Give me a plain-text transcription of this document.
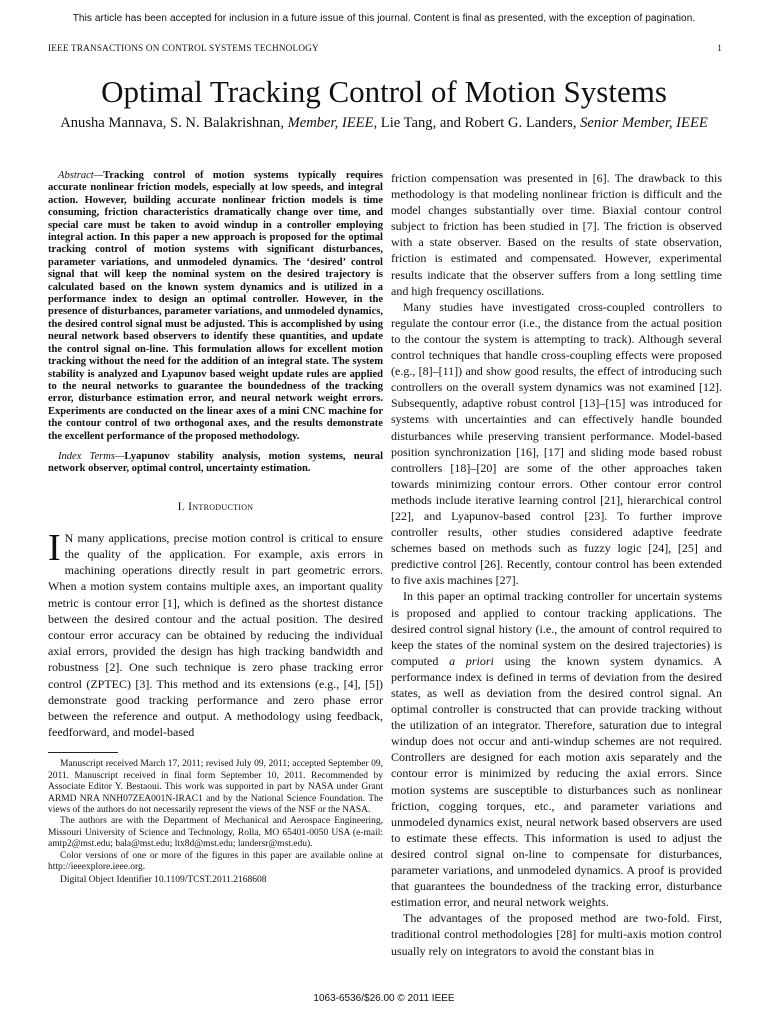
This article has been accepted for inclusion in a future issue of this journal. Content is final as presented, with the exception of pagination.
IEEE TRANSACTIONS ON CONTROL SYSTEMS TECHNOLOGY	1
Optimal Tracking Control of Motion Systems
Anusha Mannava, S. N. Balakrishnan, Member, IEEE, Lie Tang, and Robert G. Landers, Senior Member, IEEE

Abstract—Tracking control of motion systems typically requires accurate nonlinear friction models, especially at low speeds, and integral action. However, building accurate nonlinear friction models is time consuming, friction characteristics dramatically change over time, and special care must be taken to avoid windup in a controller employing integral action. In this paper a new approach is proposed for the optimal tracking control of motion systems with significant disturbances, parameter variations, and unmodeled dynamics. The ‘desired’ control signal that will keep the nominal system on the desired trajectory is calculated based on the known system dynamics and is utilized in a performance index to design an optimal controller. However, in the presence of disturbances, parameter variations, and unmodeled dynamics, the desired control signal must be adjusted. This is accomplished by using neural network based observers to identify these quantities, and update the control signal on-line. This formulation allows for excellent motion tracking without the need for the addition of an integral state. The system stability is analyzed and Lyapunov based weight update rules are applied to the neural networks to guarantee the boundedness of the tracking error, disturbance estimation error, and neural network weight errors. Experiments are conducted on the linear axes of a mini CNC machine for the contour control of two orthogonal axes, and the results demonstrate the excellent performance of the proposed methodology.

Index Terms—Lyapunov stability analysis, motion systems, neural network observer, optimal control, uncertainty estimation.

I. Introduction

I N many applications, precise motion control is critical to ensure the quality of the application. For example, axis errors in machining operations directly result in part geometric errors. When a motion system contains multiple axes, an important quality metric is contour error [1], which is defined as the shortest distance between the desired contour and the actual position. The desired contour error accuracy can be obtained by reducing the individual axial errors, provided the design has high tracking bandwidth and robustness [2]. One such technique is zero phase tracking error control (ZPTEC) [3]. This method and its extensions (e.g., [4], [5]) demonstrate good tracking performance and zero phase error between the reference and output. A methodology using feedback, feedforward, and model-based

Manuscript received March 17, 2011; revised July 09, 2011; accepted September 09, 2011. Manuscript received in final form September 10, 2011. Recommended by Associate Editor Y. Bestaoui. This work was supported in part by NASA under Grant ARMD NRA NNH07ZEA001N-IRAC1 and by the National Science Foundation. The views of the authors do not necessarily represent the views of the NSF or the NASA.

The authors are with the Department of Mechanical and Aerospace Engineering, Missouri University of Science and Technology, Rolla, MO 65401-0050 USA (e-mail: amtp2@mst.edu; bala@mst.edu; ltx8d@mst.edu; landersr@mst.edu).

Color versions of one or more of the figures in this paper are available online at http://ieeexplore.ieee.org.

Digital Object Identifier 10.1109/TCST.2011.2168608

friction compensation was presented in [6]. The drawback to this methodology is that modeling nonlinear friction is difficult and the model changes substantially over time. Biaxial contour control subject to friction has been studied in [7]. The friction is observed with a state observer. Based on the results of state observation, friction is estimated and compensated. However, experimental results indicate that the observer suffers from a long settling time and high frequency oscillations.

Many studies have investigated cross-coupled controllers to regulate the contour error (i.e., the distance from the actual position to the contour the system is attempting to track). Although several control techniques that handle cross-coupling effects were proposed (e.g., [8]–[11]) and show good results, the effect of introducing such controllers on the overall system dynamics was not examined [12]. Subsequently, adaptive robust control [13]–[15] was introduced for systems with uncertainties and can effectively handle bounded disturbances while preserving transient performance. Model-based position synchronization [16], [17] and sliding mode based robust controllers [18]–[20] are some of the other approaches taken towards minimizing contour errors. Other contour error control methods include iterative learning control [21], hierarchical control [22], and Lyapunov-based control [23]. To further improve controller results, other studies considered adaptive feedrate schemes based on methods such as fuzzy logic [24], [25] and predictive control [26]. Recently, contour control has been extended to five axis machines [27].

In this paper an optimal tracking controller for uncertain systems is proposed and applied to contour tracking applications. The desired control signal history (i.e., the amount of control required to keep the states of the nominal system on the desired trajectories) is computed a priori using the known system dynamics. A performance index is defined in terms of deviation from the desired states, as well as deviation from the desired control signal. An optimal controller is constructed that can provide tracking without the utilization of an integrator. Therefore, saturation due to integral windup does not occur and anti-windup schemes are not required. Controllers are designed for each motion axis separately and the contour error is minimized by reducing the axial errors. Since motion systems are susceptible to disturbances such as nonlinear friction, cogging torques, etc., and parameter variations and unmodeled dynamics exist, neural network based observers are used to estimate these effects. This information is used to adjust the desired control signal on-line to compensate for disturbances, parameter variations, and unmodeled dynamics. A proof is provided that guarantees the boundedness of the tracking error, disturbance estimation error, and neural network weights.

The advantages of the proposed method are two-fold. First, traditional control methodologies [28] for multi-axis motion control usually rely on integrators to avoid the constant bias in

1063-6536/$26.00 © 2011 IEEE
